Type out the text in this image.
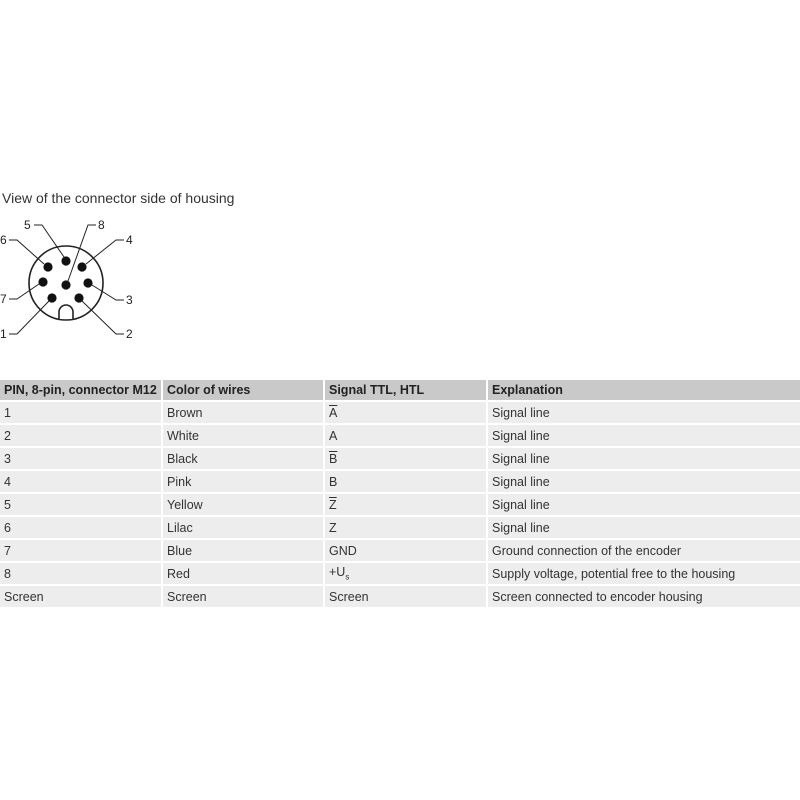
View of the connector side of housing
5	8
6	4
7	3
1	2
PIN, 8-pin, connector M12	Color of wires	Signal TTL, HTL	Explanation
1	Brown	$\overline{A}$	Signal line
2	White	A	Signal line
3	Black	$\overline{B}$	Signal line
4	Pink	B	Signal line
5	Yellow	$\overline{Z}$	Signal line
6	Lilac	Z	Signal line
7	Blue	GND	Ground connection of the encoder
8	Red	$+U_s$	Supply voltage, potential free to the housing
Screen	Screen	Screen	Screen connected to encoder housing
